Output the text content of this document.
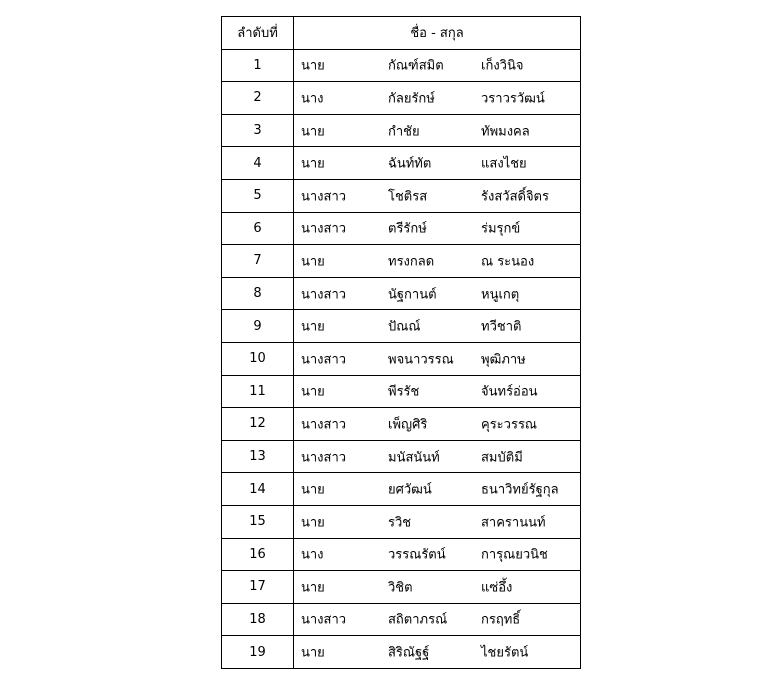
ลำดับที่	ชื่อ - สกุล
1	นาย กัณฑ์สมิต เก็งวินิจ

2	นาง กัลยรักษ์ วราวรวัฒน์

3	นาย กำชัย ทัพมงคล

4	นาย ฉันท์ทัต แสงไชย

5	นางสาว โชติรส รังสวัสดิ์จิตร

6	นางสาว ตรีรักษ์ ร่มรุกข์

7	นาย ทรงกลด ณ ระนอง

8	นางสาว นัฐกานต์ หนูเกตุ

9	นาย ปัณณ์ ทวีชาติ

10	นางสาว พจนาวรรณ พุฒิภาษ

11	นาย พีรรัช จันทร์อ่อน

12	นางสาว เพ็ญศิริ คุระวรรณ

13	นางสาว มนัสนันท์ สมบัติมี

14	นาย ยศวัฒน์ ธนาวิทย์รัฐกุล

15	นาย รวิช สาครานนท์

16	นาง วรรณรัตน์ การุณยวนิช

17	นาย วิชิต แซ่อึ้ง

18	นางสาว สถิตาภรณ์ กรฤทธิ์

19	นาย สิริณัฐฐ์ ไชยรัตน์
